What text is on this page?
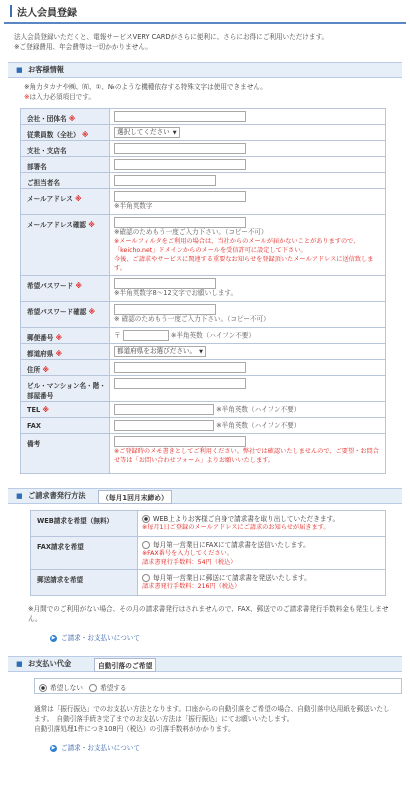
法人会員登録
法人会員登録いただくと、電報サービスVERY CARDがさらに便利に、さらにお得にご利用いただけます。
※ご登録費用、年会費等は一切かかりません。
■ お客様情報
※角力タカナや㈱、㈲、①、№のような機種依存する特殊文字は使用できません。
※は入力必須項目です。
会社・団体名 ※	
従業員数（全社） ※	選択してください ▼
支社・支店名	
部署名	
ご担当者名	
メールアドレス ※	※半角英数字

メールアドレス確認 ※	※確認のためもう一度ご入力下さい。（コピー不可）
※メールフィルタをご利用の場合は、当社からのメールが届かないことがありますので、「keicho.net」ドメインからのメールを受信許可に設定して下さい。
今後、ご請求やサービスに関連する重要なお知らせを登録頂いたメールアドレスに送信致します。

希望パスワード ※	※半角英数字8～12文字でお願いします。

希望パスワード確認 ※	※ 確認のためもう一度ご入力下さい。（コピー不可）

郵便番号 ※	〒 ※半角英数（ハイフン不要）
都道府県 ※	都道府県をお選びださい。 ▼
住所 ※	
ビル・マンション名・階・部屋番号	
TEL ※	※半角英数（ハイフン不要）
FAX	※半角英数（ハイフン不要）
備考	※ご登録時のメモ書きとしてご利用ください。弊社では確認いたしませんので、ご要望・お問合せ等は「お問い合わせフォーム」よりお願いいたします。
■ ご請求書発行方法	（毎月1回月末締め）
WEB請求を希望（無料）	WEB上よりお客様ご自身で請求書を取り出していただきます。
※毎月1日ご登録のメールアドレスにご請求のお知らせが届きます。

FAX請求を希望	毎月第一営業日にFAXにて請求書を送信いたします。
※FAX番号を入力してください。
請求書発行手数料：54円（税込）

郵送請求を希望	毎月第一営業日に郵送にて請求書を発送いたします。
請求書発行手数料：216円（税込）
※月間でのご利用がない場合、その月の請求書発行はされませんので、FAX、郵送でのご請求書発行手数料金も発生しません。
▶ ご請求・お支払いについて
■ お支払い代金	自動引落のご希望
希望しない	希望する
通常は「振行振込」でのお支払い方法となります。口座からの自動引落をご希望の場合、自動引落申込用紙を郵送いたします。　自動引落手続き完了までのお支払い方法は「振行振込」にてお願いいたします。
自動引落処理1件につき108円（税込）の引落手数料がかかります。
▶ ご請求・お支払いについて
